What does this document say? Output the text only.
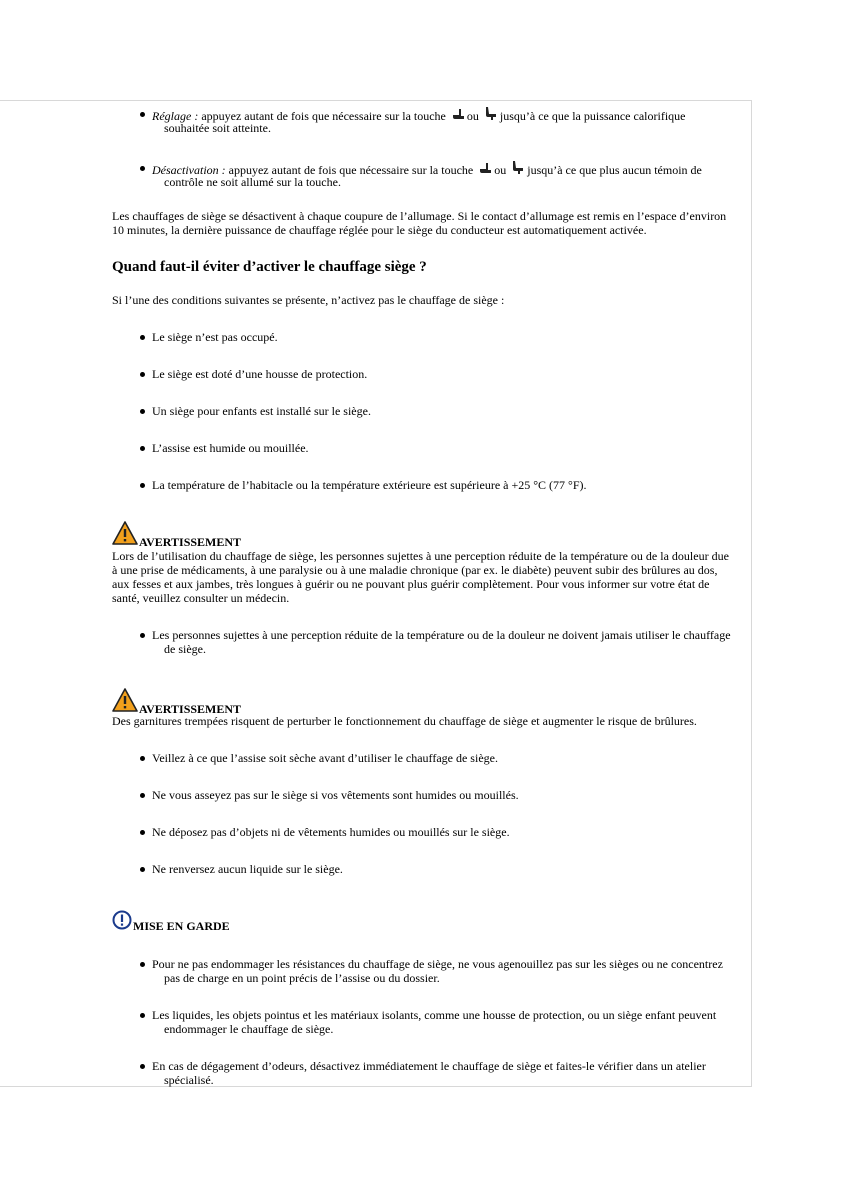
Réglage : appuyez autant de fois que nécessaire sur la touche ou jusqu’à ce que la puissance calorifique
souhaitée soit atteinte.
Désactivation : appuyez autant de fois que nécessaire sur la touche ou jusqu’à ce que plus aucun témoin de
contrôle ne soit allumé sur la touche.
Les chauffages de siège se désactivent à chaque coupure de l’allumage. Si le contact d’allumage est remis en l’espace d’environ
10 minutes, la dernière puissance de chauffage réglée pour le siège du conducteur est automatiquement activée.
Quand faut-il éviter d’activer le chauffage siège ?
Si l’une des conditions suivantes se présente, n’activez pas le chauffage de siège :
Le siège n’est pas occupé.
Le siège est doté d’une housse de protection.
Un siège pour enfants est installé sur le siège.
L’assise est humide ou mouillée.
La température de l’habitacle ou la température extérieure est supérieure à +25 °C (77 °F).
AVERTISSEMENT
Lors de l’utilisation du chauffage de siège, les personnes sujettes à une perception réduite de la température ou de la douleur due
à une prise de médicaments, à une paralysie ou à une maladie chronique (par ex. le diabète) peuvent subir des brûlures au dos,
aux fesses et aux jambes, très longues à guérir ou ne pouvant plus guérir complètement. Pour vous informer sur votre état de
santé, veuillez consulter un médecin.
Les personnes sujettes à une perception réduite de la température ou de la douleur ne doivent jamais utiliser le chauffage
de siège.
AVERTISSEMENT
Des garnitures trempées risquent de perturber le fonctionnement du chauffage de siège et augmenter le risque de brûlures.
Veillez à ce que l’assise soit sèche avant d’utiliser le chauffage de siège.
Ne vous asseyez pas sur le siège si vos vêtements sont humides ou mouillés.
Ne déposez pas d’objets ni de vêtements humides ou mouillés sur le siège.
Ne renversez aucun liquide sur le siège.
MISE EN GARDE
Pour ne pas endommager les résistances du chauffage de siège, ne vous agenouillez pas sur les sièges ou ne concentrez
pas de charge en un point précis de l’assise ou du dossier.
Les liquides, les objets pointus et les matériaux isolants, comme une housse de protection, ou un siège enfant peuvent
endommager le chauffage de siège.
En cas de dégagement d’odeurs, désactivez immédiatement le chauffage de siège et faites-le vérifier dans un atelier
spécialisé.
